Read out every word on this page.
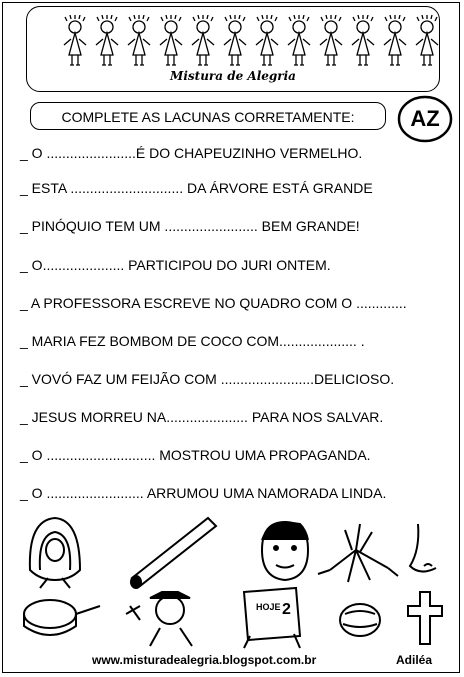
Mistura de Alegria
COMPLETE AS LACUNAS CORRETAMENTE:	AZ
_ O .......................É DO CHAPEUZINHO VERMELHO.
_ ESTA ............................. DA ÁRVORE ESTÁ GRANDE
_ PINÓQUIO TEM UM ........................ BEM GRANDE!
_ O..................... PARTICIPOU DO JURI ONTEM.
_ A PROFESSORA ESCREVE NO QUADRO COM O .............
_ MARIA FEZ BOMBOM DE COCO COM.................... .
_ VOVÓ FAZ UM FEIJÃO COM ........................DELICIOSO.
_ JESUS MORREU NA..................... PARA NOS SALVAR.
_ O ............................ MOSTROU UMA PROPAGANDA.
_ O ......................... ARRUMOU UMA NAMORADA LINDA.
HOJE 2
www.misturadealegria.blogspot.com.br	Adiléa
